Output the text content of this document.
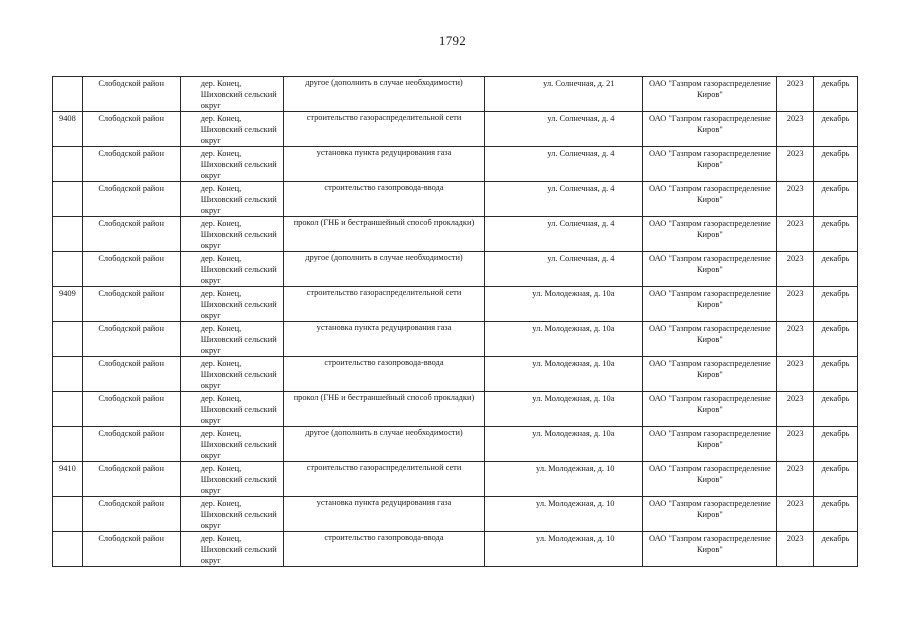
1792

	Слободской район	дер. Конец, Шиховский сельский округ	другое (дополнить в случае необходимости)	ул. Солнечная, д. 21	ОАО "Газпром газораспределение Киров"	2023	декабрь

9408	Слободской район	дер. Конец, Шиховский сельский округ	строительство газораспределительной сети	ул. Солнечная, д. 4	ОАО "Газпром газораспределение Киров"	2023	декабрь

	Слободской район	дер. Конец, Шиховский сельский округ	установка пункта редуцирования газа	ул. Солнечная, д. 4	ОАО "Газпром газораспределение Киров"	2023	декабрь

	Слободской район	дер. Конец, Шиховский сельский округ	строительство газопровода-ввода	ул. Солнечная, д. 4	ОАО "Газпром газораспределение Киров"	2023	декабрь

	Слободской район	дер. Конец, Шиховский сельский округ	прокол (ГНБ и бестраншейный способ прокладки)	ул. Солнечная, д. 4	ОАО "Газпром газораспределение Киров"	2023	декабрь

	Слободской район	дер. Конец, Шиховский сельский округ	другое (дополнить в случае необходимости)	ул. Солнечная, д. 4	ОАО "Газпром газораспределение Киров"	2023	декабрь

9409	Слободской район	дер. Конец, Шиховский сельский округ	строительство газораспределительной сети	ул. Молодежная, д. 10а	ОАО "Газпром газораспределение Киров"	2023	декабрь

	Слободской район	дер. Конец, Шиховский сельский округ	установка пункта редуцирования газа	ул. Молодежная, д. 10а	ОАО "Газпром газораспределение Киров"	2023	декабрь

	Слободской район	дер. Конец, Шиховский сельский округ	строительство газопровода-ввода	ул. Молодежная, д. 10а	ОАО "Газпром газораспределение Киров"	2023	декабрь

	Слободской район	дер. Конец, Шиховский сельский округ	прокол (ГНБ и бестраншейный способ прокладки)	ул. Молодежная, д. 10а	ОАО "Газпром газораспределение Киров"	2023	декабрь

	Слободской район	дер. Конец, Шиховский сельский округ	другое (дополнить в случае необходимости)	ул. Молодежная, д. 10а	ОАО "Газпром газораспределение Киров"	2023	декабрь

9410	Слободской район	дер. Конец, Шиховский сельский округ	строительство газораспределительной сети	ул. Молодежная, д. 10	ОАО "Газпром газораспределение Киров"	2023	декабрь

	Слободской район	дер. Конец, Шиховский сельский округ	установка пункта редуцирования газа	ул. Молодежная, д. 10	ОАО "Газпром газораспределение Киров"	2023	декабрь

	Слободской район	дер. Конец, Шиховский сельский округ	строительство газопровода-ввода	ул. Молодежная, д. 10	ОАО "Газпром газораспределение Киров"	2023	декабрь
